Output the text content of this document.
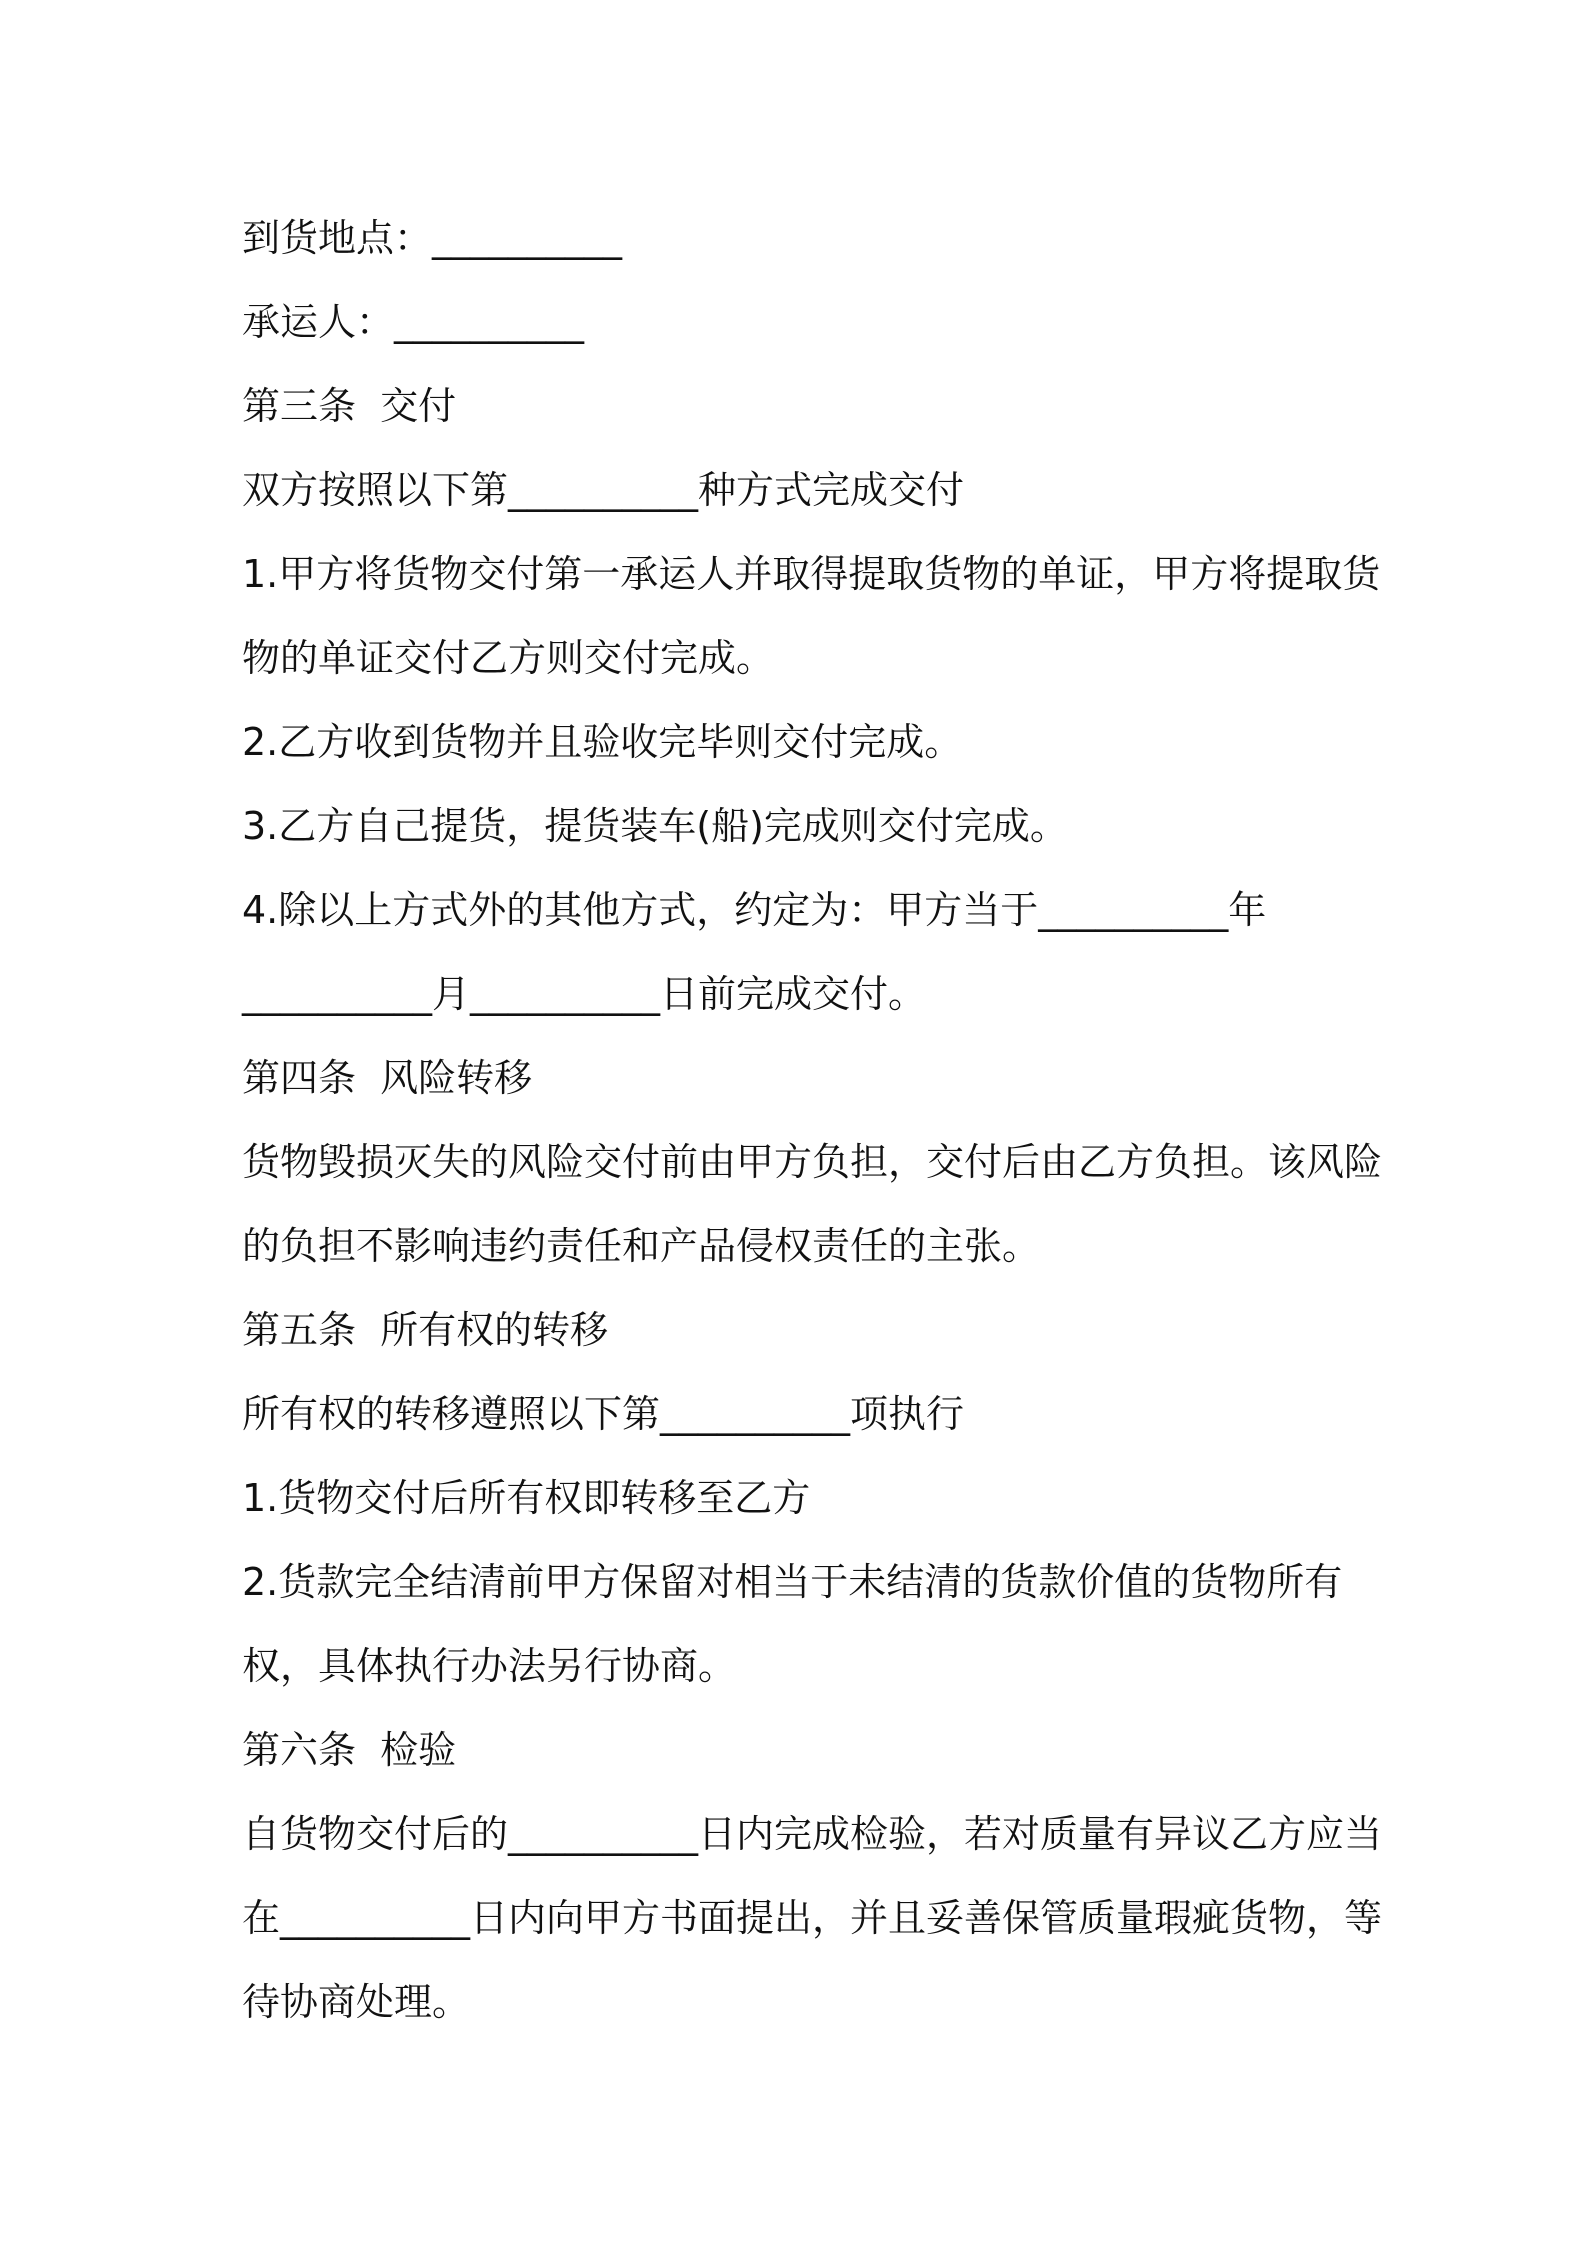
到货地点：__________

承运人：__________

第三条  交付

双方按照以下第__________种方式完成交付

1.甲方将货物交付第一承运人并取得提取货物的单证，甲方将提取货

物的单证交付乙方则交付完成。

2.乙方收到货物并且验收完毕则交付完成。

3.乙方自己提货，提货装车(船)完成则交付完成。

4.除以上方式外的其他方式，约定为：甲方当于__________年

__________月__________日前完成交付。

第四条  风险转移

货物毁损灭失的风险交付前由甲方负担，交付后由乙方负担。该风险

的负担不影响违约责任和产品侵权责任的主张。

第五条  所有权的转移

所有权的转移遵照以下第__________项执行

1.货物交付后所有权即转移至乙方

2.货款完全结清前甲方保留对相当于未结清的货款价值的货物所有

权，具体执行办法另行协商。

第六条  检验

自货物交付后的__________日内完成检验，若对质量有异议乙方应当

在__________日内向甲方书面提出，并且妥善保管质量瑕疵货物，等

待协商处理。
